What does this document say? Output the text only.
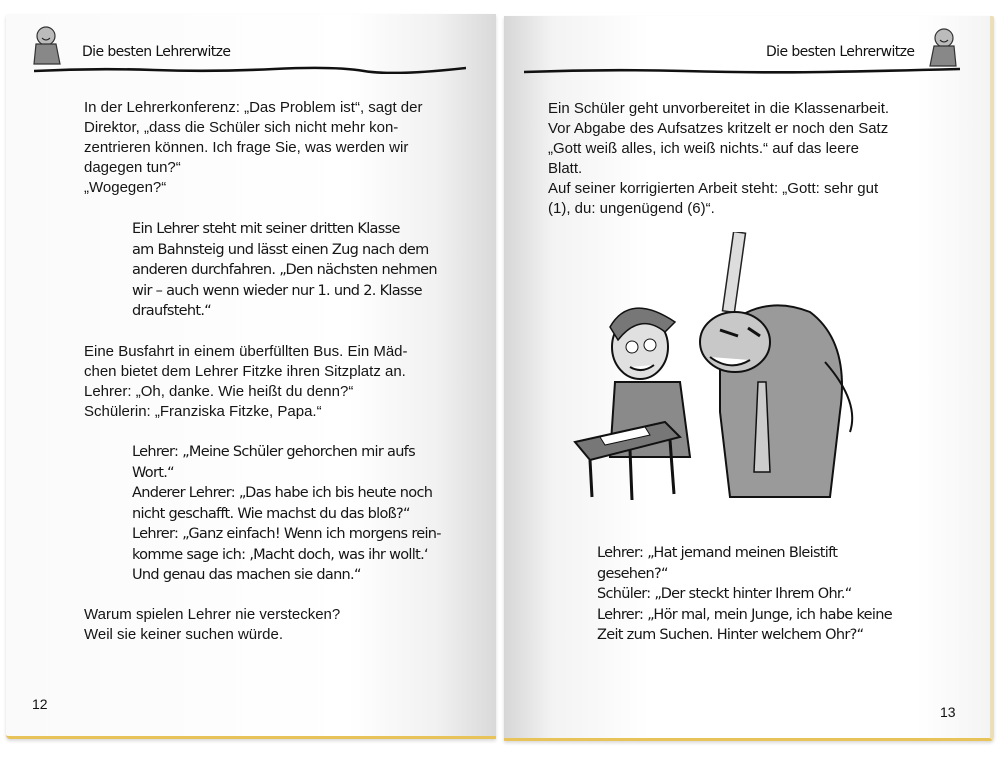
Die besten Lehrerwitze
In der Lehrerkonferenz: „Das Problem ist“, sagt der
Direktor, „dass die Schüler sich nicht mehr kon-
zentrieren können. Ich frage Sie, was werden wir
dagegen tun?“
„Wogegen?“
Ein Lehrer steht mit seiner dritten Klasse
am Bahnsteig und lässt einen Zug nach dem
anderen durchfahren. „Den nächsten nehmen
wir – auch wenn wieder nur 1. und 2. Klasse
draufsteht.“
Eine Busfahrt in einem überfüllten Bus. Ein Mäd-
chen bietet dem Lehrer Fitzke ihren Sitzplatz an.
Lehrer: „Oh, danke. Wie heißt du denn?“
Schülerin: „Franziska Fitzke, Papa.“
Lehrer: „Meine Schüler gehorchen mir aufs
Wort.“
Anderer Lehrer: „Das habe ich bis heute noch
nicht geschafft. Wie machst du das bloß?“
Lehrer: „Ganz einfach! Wenn ich morgens rein-
komme sage ich: ‚Macht doch, was ihr wollt.‘
Und genau das machen sie dann.“
Warum spielen Lehrer nie verstecken?
Weil sie keiner suchen würde.
12
Die besten Lehrerwitze
Ein Schüler geht unvorbereitet in die Klassenarbeit.
Vor Abgabe des Aufsatzes kritzelt er noch den Satz
„Gott weiß alles, ich weiß nichts.“ auf das leere
Blatt.
Auf seiner korrigierten Arbeit steht: „Gott: sehr gut
(1), du: ungenügend (6)“.
Lehrer: „Hat jemand meinen Bleistift
gesehen?“
Schüler: „Der steckt hinter Ihrem Ohr.“
Lehrer: „Hör mal, mein Junge, ich habe keine
Zeit zum Suchen. Hinter welchem Ohr?“
13
